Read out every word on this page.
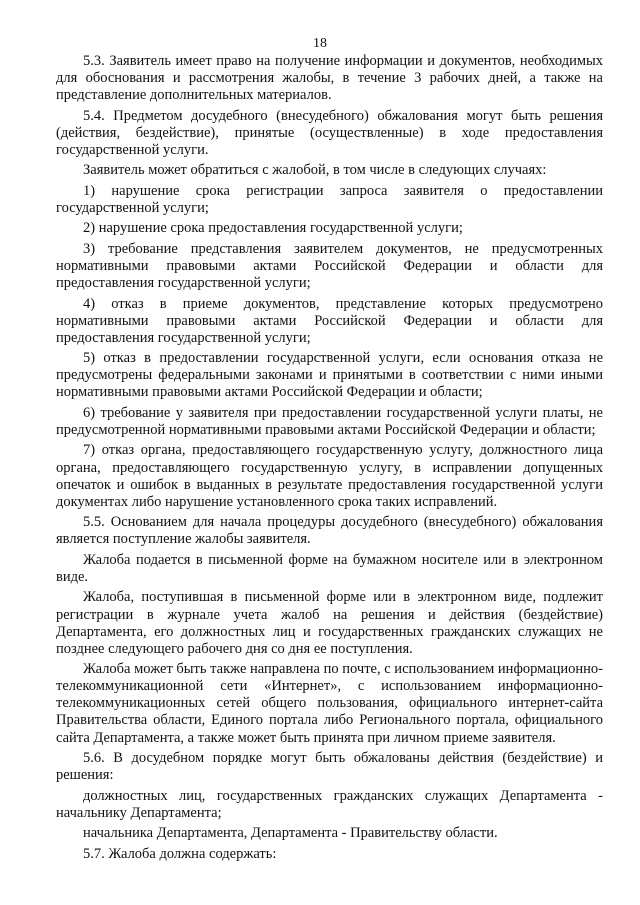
18

5.3. Заявитель имеет право на получение информации и документов, необходимых для обоснования и рассмотрения жалобы, в течение 3 рабочих дней, а также на представление дополнительных материалов.

5.4. Предметом досудебного (внесудебного) обжалования могут быть решения (действия, бездействие), принятые (осуществленные) в ходе предоставления государственной услуги.

Заявитель может обратиться с жалобой, в том числе в следующих случаях:

1) нарушение срока регистрации запроса заявителя о предоставлении государственной услуги;

2) нарушение срока предоставления государственной услуги;

3) требование представления заявителем документов, не предусмотренных нормативными правовыми актами Российской Федерации и области для предоставления государственной услуги;

4) отказ в приеме документов, представление которых предусмотрено нормативными правовыми актами Российской Федерации и области для предоставления государственной услуги;

5) отказ в предоставлении государственной услуги, если основания отказа не предусмотрены федеральными законами и принятыми в соответствии с ними иными нормативными правовыми актами Российской Федерации и области;

6) требование у заявителя при предоставлении государственной услуги платы, не предусмотренной нормативными правовыми актами Российской Федерации и области;

7) отказ органа, предоставляющего государственную услугу, должностного лица органа, предоставляющего государственную услугу, в исправлении допущенных опечаток и ошибок в выданных в результате предоставления государственной услуги документах либо нарушение установленного срока таких исправлений.

5.5. Основанием для начала процедуры досудебного (внесудебного) обжалования является поступление жалобы заявителя.

Жалоба подается в письменной форме на бумажном носителе или в электронном виде.

Жалоба, поступившая в письменной форме или в электронном виде, подлежит регистрации в журнале учета жалоб на решения и действия (бездействие) Департамента, его должностных лиц и государственных гражданских служащих не позднее следующего рабочего дня со дня ее поступления.

Жалоба может быть также направлена по почте, с использованием информационно-телекоммуникационной сети «Интернет», с использованием информационно-телекоммуникационных сетей общего пользования, официального интернет-сайта Правительства области, Единого портала либо Регионального портала, официального сайта Департамента, а также может быть принята при личном приеме заявителя.

5.6. В досудебном порядке могут быть обжалованы действия (бездействие) и решения:

должностных лиц, государственных гражданских служащих Департамента - начальнику Департамента;

начальника Департамента, Департамента - Правительству области.

5.7. Жалоба должна содержать:
